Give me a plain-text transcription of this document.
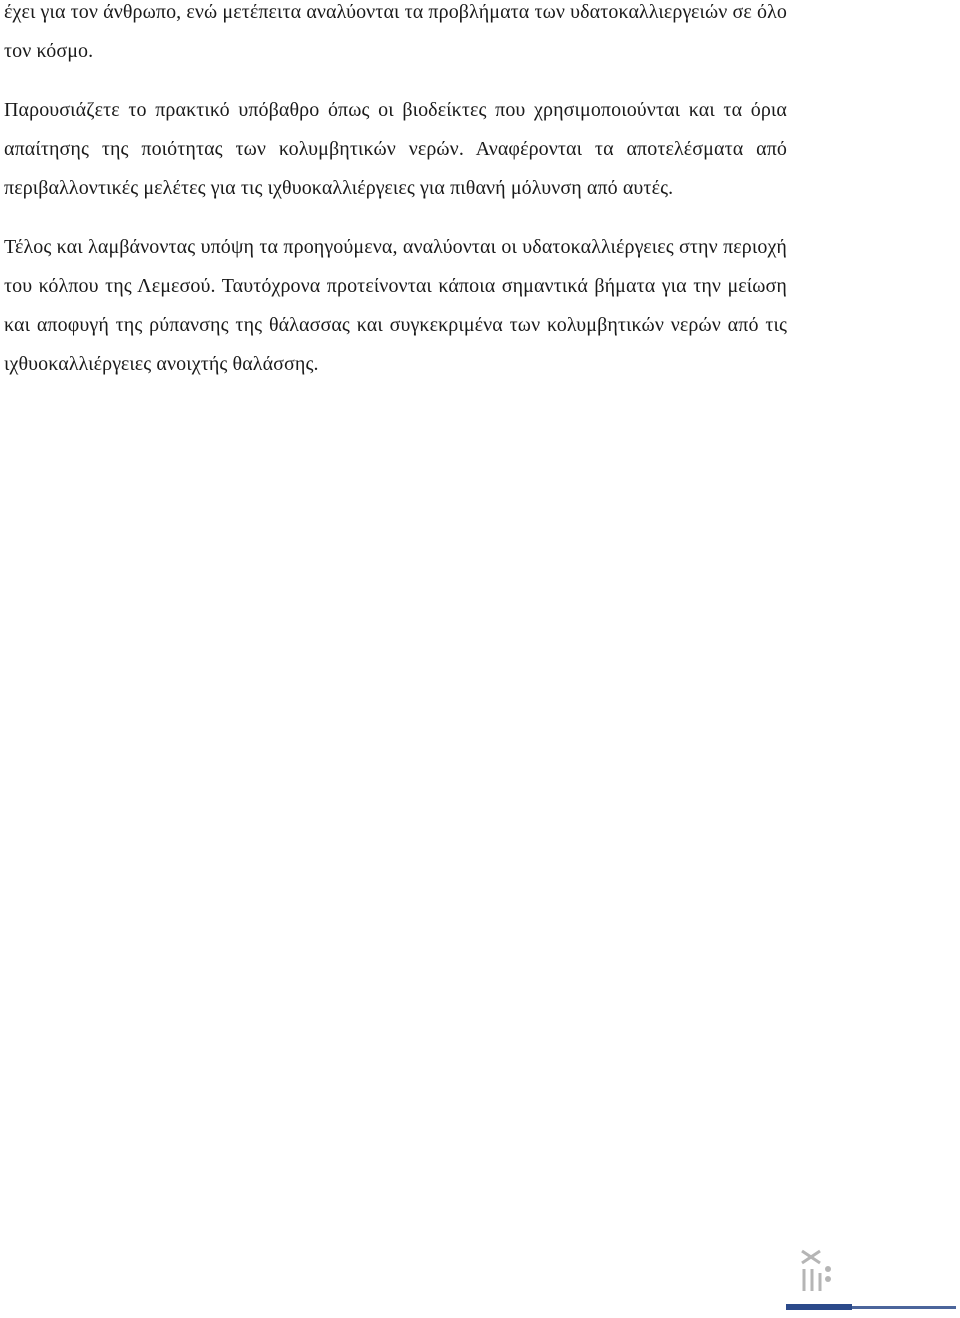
έχει για τον άνθρωπο, ενώ μετέπειτα αναλύονται τα προβλήματα των υδατοκαλλιεργειών σε όλο τον κόσμο.

Παρουσιάζετε το πρακτικό υπόβαθρο όπως οι βιοδείκτες που χρησιμοποιούνται και τα όρια απαίτησης της ποιότητας των κολυμβητικών νερών. Αναφέρονται τα αποτελέσματα από περιβαλλοντικές μελέτες για τις ιχθυοκαλλιέργειες για πιθανή μόλυνση από αυτές.

Τέλος και λαμβάνοντας υπόψη τα προηγούμενα, αναλύονται οι υδατοκαλλιέργειες στην περιοχή του κόλπου της Λεμεσού. Ταυτόχρονα προτείνονται κάποια σημαντικά βήματα για την μείωση και αποφυγή της ρύπανσης της θάλασσας και συγκεκριμένα των κολυμβητικών νερών από τις ιχθυοκαλλιέργειες ανοιχτής θαλάσσης.
